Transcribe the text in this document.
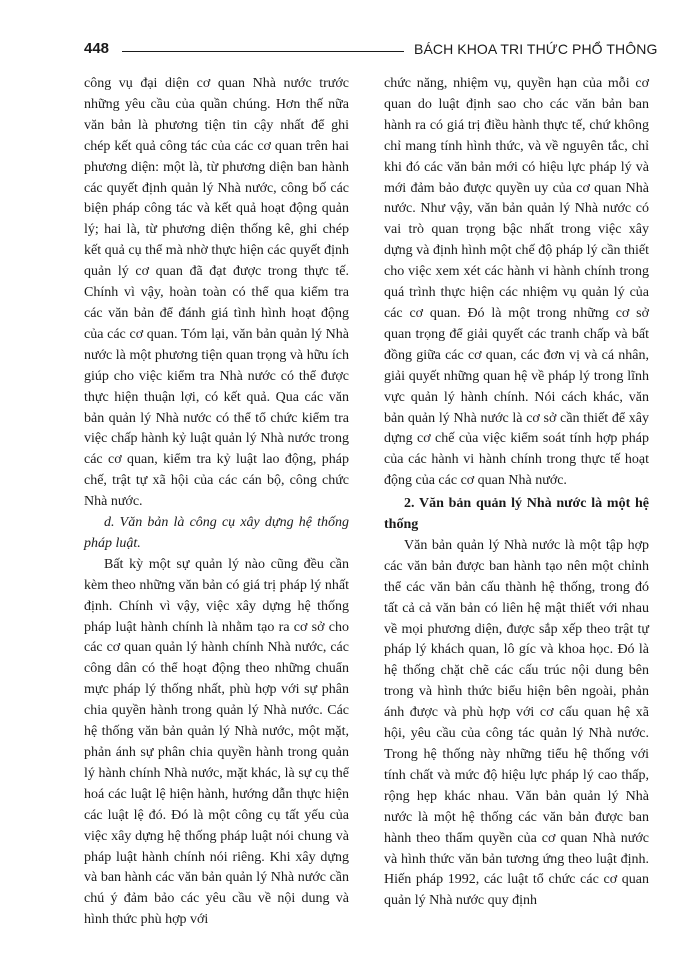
448	BÁCH KHOA TRI THỨC PHỔ THÔNG

công vụ đại diện cơ quan Nhà nước trước những yêu cầu của quần chúng. Hơn thế nữa văn bản là phương tiện tin cậy nhất để ghi chép kết quả công tác của các cơ quan trên hai phương diện: một là, từ phương diện ban hành các quyết định quản lý Nhà nước, công bố các biện pháp công tác và kết quả hoạt động quản lý; hai là, từ phương diện thống kê, ghi chép kết quả cụ thể mà nhờ thực hiện các quyết định quản lý cơ quan đã đạt được trong thực tế. Chính vì vậy, hoàn toàn có thể qua kiểm tra các văn bản để đánh giá tình hình hoạt động của các cơ quan. Tóm lại, văn bản quản lý Nhà nước là một phương tiện quan trọng và hữu ích giúp cho việc kiểm tra Nhà nước có thể được thực hiện thuận lợi, có kết quả. Qua các văn bản quản lý Nhà nước có thể tổ chức kiểm tra việc chấp hành kỷ luật quản lý Nhà nước trong các cơ quan, kiểm tra kỷ luật lao động, pháp chế, trật tự xã hội của các cán bộ, công chức Nhà nước.

d. Văn bản là công cụ xây dựng hệ thống pháp luật.

Bất kỳ một sự quản lý nào cũng đều cần kèm theo những văn bản có giá trị pháp lý nhất định. Chính vì vậy, việc xây dựng hệ thống pháp luật hành chính là nhằm tạo ra cơ sở cho các cơ quan quản lý hành chính Nhà nước, các công dân có thể hoạt động theo những chuẩn mực pháp lý thống nhất, phù hợp với sự phân chia quyền hành trong quản lý Nhà nước. Các hệ thống văn bản quản lý Nhà nước, một mặt, phản ánh sự phân chia quyền hành trong quản lý hành chính Nhà nước, mặt khác, là sự cụ thể hoá các luật lệ hiện hành, hướng dẫn thực hiện các luật lệ đó. Đó là một công cụ tất yếu của việc xây dựng hệ thống pháp luật nói chung và pháp luật hành chính nói riêng. Khi xây dựng và ban hành các văn bản quản lý Nhà nước cần chú ý đảm bảo các yêu cầu về nội dung và hình thức phù hợp với

chức năng, nhiệm vụ, quyền hạn của mỗi cơ quan do luật định sao cho các văn bản ban hành ra có giá trị điều hành thực tế, chứ không chỉ mang tính hình thức, và về nguyên tắc, chỉ khi đó các văn bản mới có hiệu lực pháp lý và mới đảm bảo được quyền uy của cơ quan Nhà nước. Như vậy, văn bản quản lý Nhà nước có vai trò quan trọng bậc nhất trong việc xây dựng và định hình một chế độ pháp lý cần thiết cho việc xem xét các hành vi hành chính trong quá trình thực hiện các nhiệm vụ quản lý của các cơ quan. Đó là một trong những cơ sở quan trọng để giải quyết các tranh chấp và bất đồng giữa các cơ quan, các đơn vị và cá nhân, giải quyết những quan hệ về pháp lý trong lĩnh vực quản lý hành chính. Nói cách khác, văn bản quản lý Nhà nước là cơ sở cần thiết để xây dựng cơ chế của việc kiểm soát tính hợp pháp của các hành vi hành chính trong thực tế hoạt động của các cơ quan Nhà nước.

2. Văn bản quản lý Nhà nước là một hệ thống

Văn bản quản lý Nhà nước là một tập hợp các văn bản được ban hành tạo nên một chỉnh thể các văn bản cấu thành hệ thống, trong đó tất cả cả văn bản có liên hệ mật thiết với nhau về mọi phương diện, được sắp xếp theo trật tự pháp lý khách quan, lô gíc và khoa học. Đó là hệ thống chặt chẽ các cấu trúc nội dung bên trong và hình thức biểu hiện bên ngoài, phản ánh được và phù hợp với cơ cấu quan hệ xã hội, yêu cầu của công tác quản lý Nhà nước. Trong hệ thống này những tiểu hệ thống với tính chất và mức độ hiệu lực pháp lý cao thấp, rộng hẹp khác nhau. Văn bản quản lý Nhà nước là một hệ thống các văn bản được ban hành theo thẩm quyền của cơ quan Nhà nước và hình thức văn bản tương ứng theo luật định. Hiến pháp 1992, các luật tổ chức các cơ quan quản lý Nhà nước quy định
